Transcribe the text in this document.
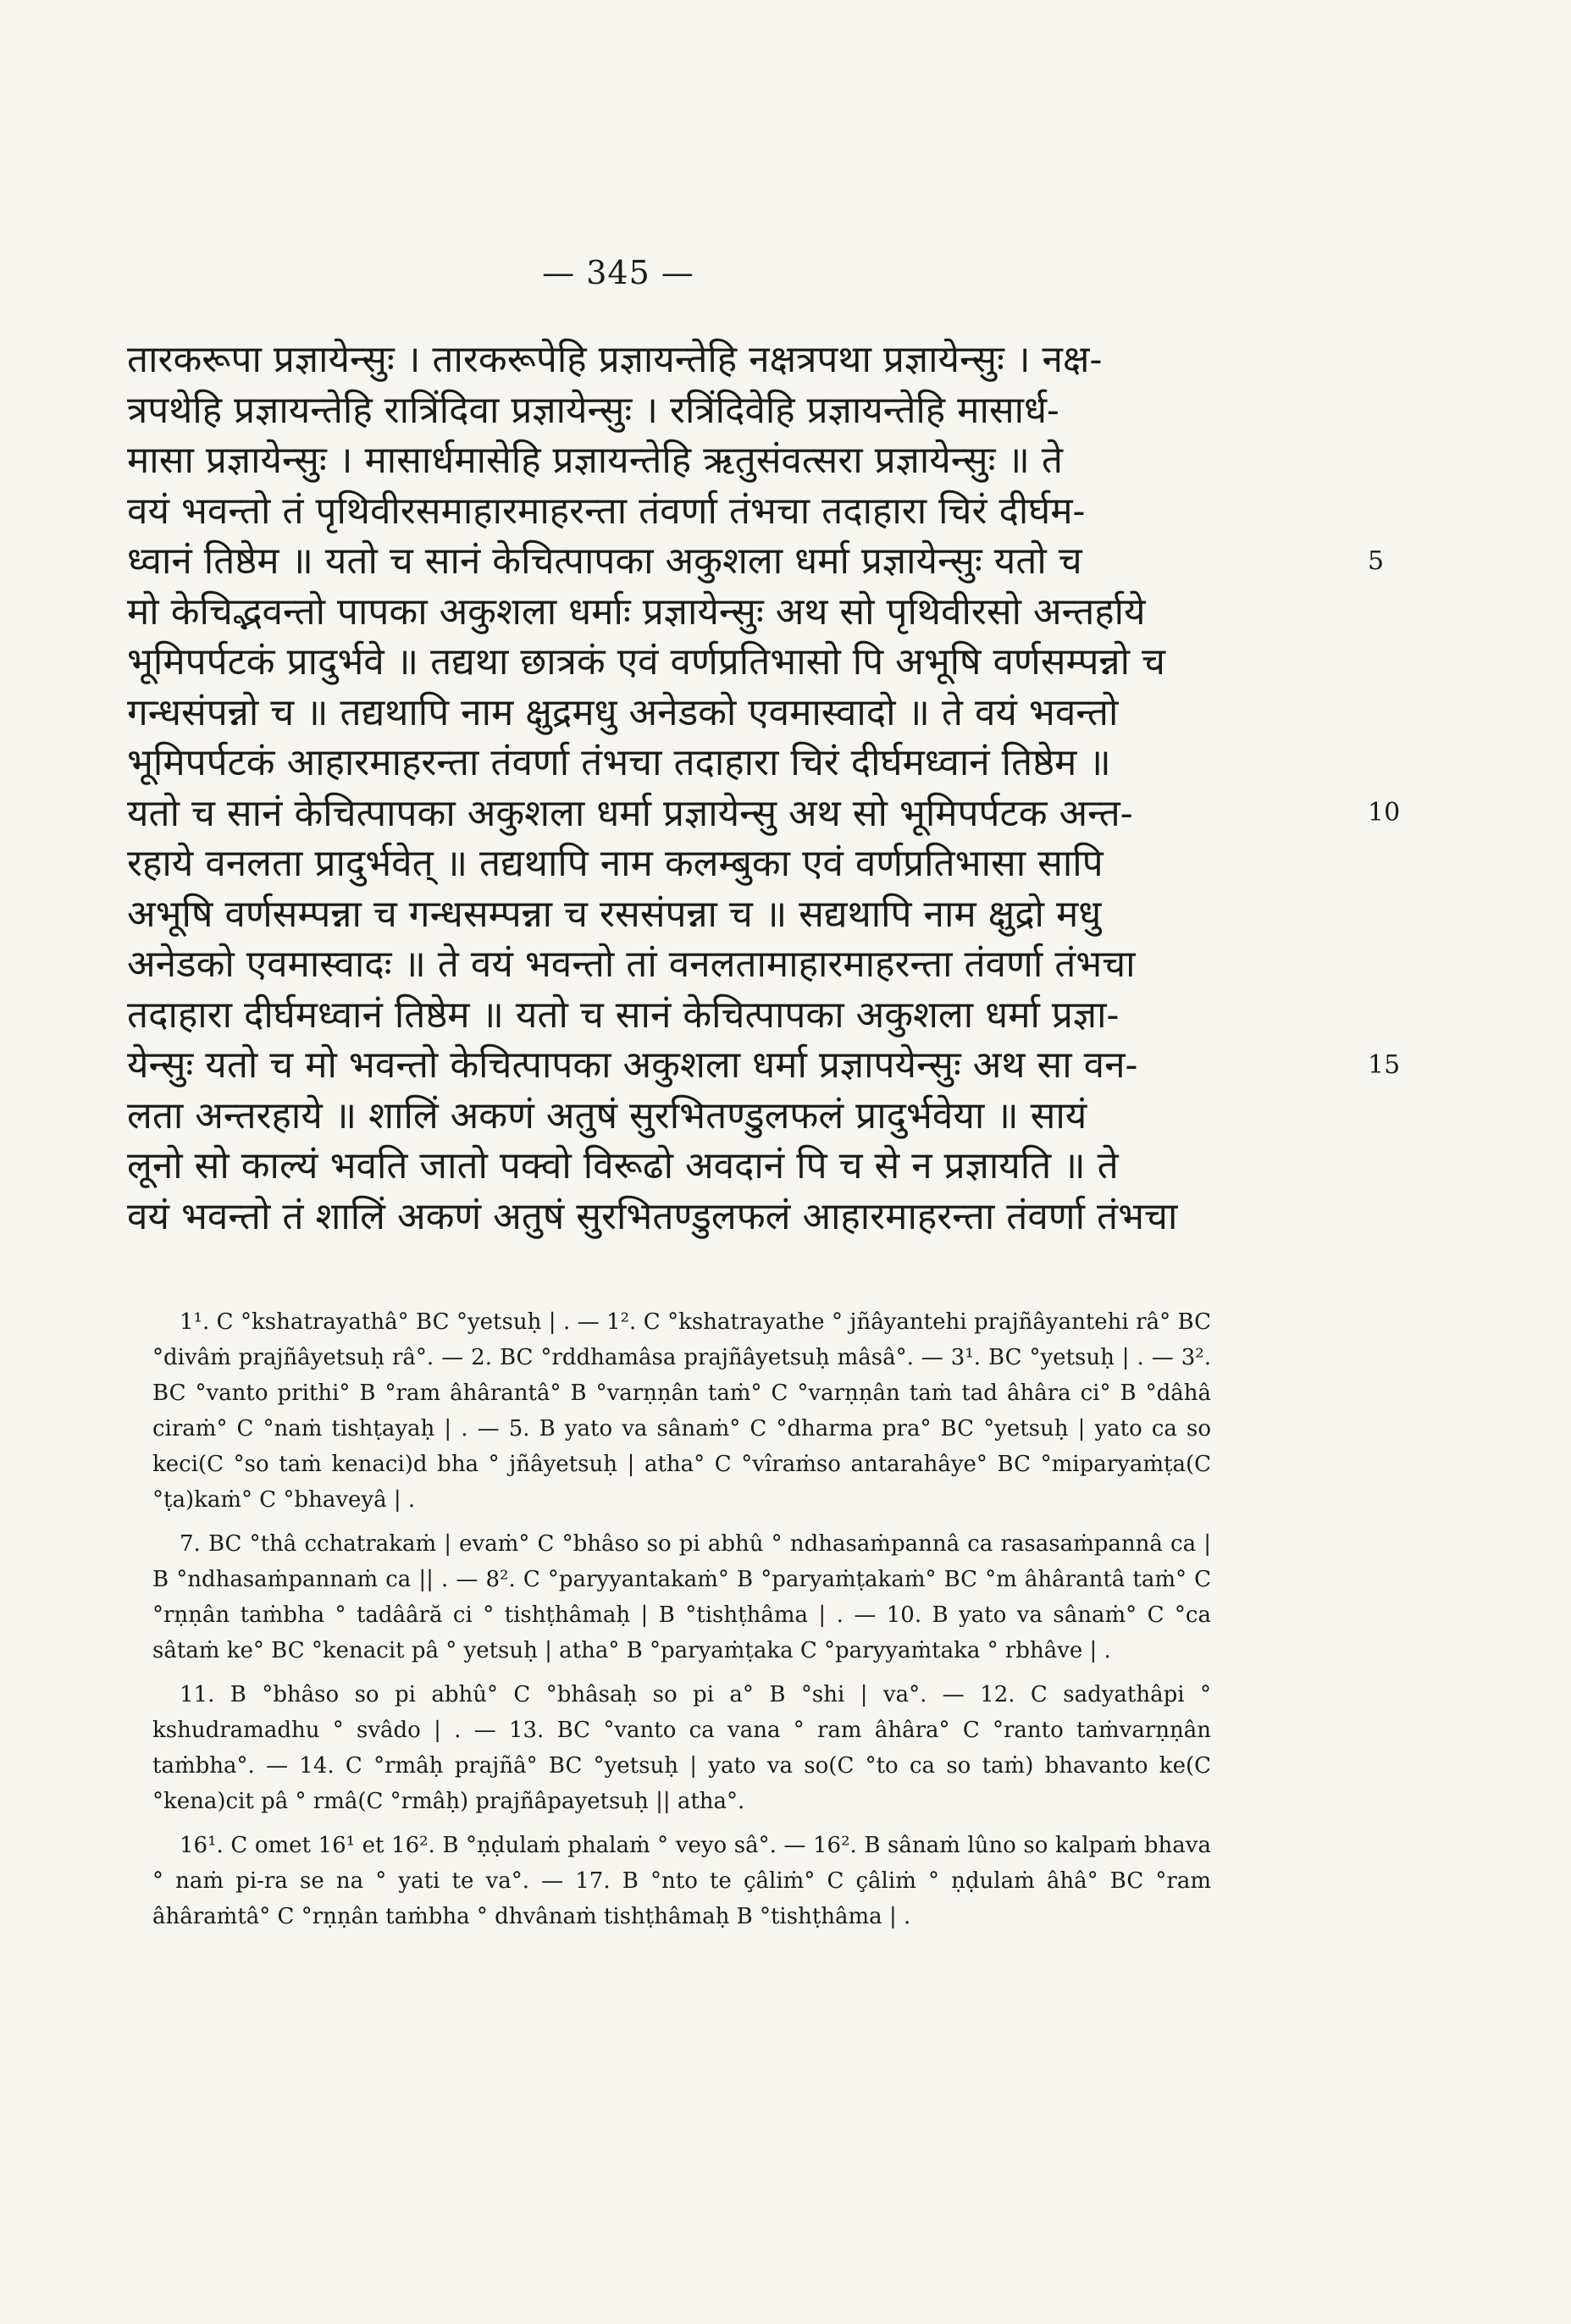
— 345 —
तारकरूपा प्रज्ञायेन्सुः । तारकरूपेहि प्रज्ञायन्तेहि नक्षत्रपथा प्रज्ञायेन्सुः । नक्ष-
त्रपथेहि प्रज्ञायन्तेहि रात्रिंदिवा प्रज्ञायेन्सुः । रत्रिंदिवेहि प्रज्ञायन्तेहि मासार्ध-
मासा प्रज्ञायेन्सुः । मासार्धमासेहि प्रज्ञायन्तेहि ऋतुसंवत्सरा प्रज्ञायेन्सुः ॥ ते
वयं भवन्तो तं पृथिवीरसमाहारमाहरन्ता तंवर्णा तंभचा तदाहारा चिरं दीर्घम-
ध्वानं तिष्ठेम ॥ यतो च सानं केचित्पापका अकुशला धर्मा प्रज्ञायेन्सुः यतो च
मो केचिद्भवन्तो पापका अकुशला धर्माः प्रज्ञायेन्सुः अथ सो पृथिवीरसो अन्तर्हाये
भूमिपर्पटकं प्रादुर्भवे ॥ तद्यथा छात्रकं एवं वर्णप्रतिभासो पि अभूषि वर्णसम्पन्नो च
गन्धसंपन्नो च ॥ तद्यथापि नाम क्षुद्रमधु अनेडको एवमास्वादो ॥ ते वयं भवन्तो
भूमिपर्पटकं आहारमाहरन्ता तंवर्णा तंभचा तदाहारा चिरं दीर्घमध्वानं तिष्ठेम ॥
यतो च सानं केचित्पापका अकुशला धर्मा प्रज्ञायेन्सु अथ सो भूमिपर्पटक अन्त-
रहाये वनलता प्रादुर्भवेत् ॥ तद्यथापि नाम कलम्बुका एवं वर्णप्रतिभासा सापि
अभूषि वर्णसम्पन्ना च गन्धसम्पन्ना च रससंपन्ना च ॥ सद्यथापि नाम क्षुद्रो मधु
अनेडको एवमास्वादः ॥ ते वयं भवन्तो तां वनलतामाहारमाहरन्ता तंवर्णा तंभचा
तदाहारा दीर्घमध्वानं तिष्ठेम ॥ यतो च सानं केचित्पापका अकुशला धर्मा प्रज्ञा-
येन्सुः यतो च मो भवन्तो केचित्पापका अकुशला धर्मा प्रज्ञापयेन्सुः अथ सा वन-
लता अन्तरहाये ॥ शालिं अकणं अतुषं सुरभितण्डुलफलं प्रादुर्भवेया ॥ सायं
लूनो सो काल्यं भवति जातो पक्वो विरूढो अवदानं पि च से न प्रज्ञायति ॥ ते
वयं भवन्तो तं शालिं अकणं अतुषं सुरभितण्डुलफलं आहारमाहरन्ता तंवर्णा तंभचा
5
10
15

1¹. C °kshatrayathâ° BC °yetsuḥ | . — 1². C °kshatrayathe ° jñâyantehi prajñâyantehi râ° BC °divâṁ prajñâyetsuḥ râ°. — 2. BC °rddhamâsa prajñâyetsuḥ mâsâ°. — 3¹. BC °yetsuḥ | . — 3². BC °vanto prithi° B °ram âhârantâ° B °varṇṇân taṁ° C °varṇṇân taṁ tad âhâra ci° B °dâhâ ciraṁ° C °naṁ tishṭayaḥ | . — 5. B yato va sânaṁ° C °dharma pra° BC °yetsuḥ | yato ca so keci(C °so taṁ kenaci)d bha ° jñâyetsuḥ | atha° C °vîraṁso antarahâye° BC °miparyaṁṭa(C °ṭa)kaṁ° C °bhaveyâ | .

7. BC °thâ cchatrakaṁ | evaṁ° C °bhâso so pi abhû ° ndhasaṁpannâ ca rasasaṁpannâ ca | B °ndhasaṁpannaṁ ca || . — 8². C °paryyantakaṁ° B °paryaṁṭakaṁ° BC °m âhârantâ taṁ° C °rṇṇân taṁbha ° tadââră ci ° tishṭhâmaḥ | B °tishṭhâma | . — 10. B yato va sânaṁ° C °ca sâtaṁ ke° BC °kenacit pâ ° yetsuḥ | atha° B °paryaṁṭaka C °paryyaṁtaka ° rbhâve | .

11. B °bhâso so pi abhû° C °bhâsaḥ so pi a° B °shi | va°. — 12. C sadyathâpi ° kshudramadhu ° svâdo | . — 13. BC °vanto ca vana ° ram âhâra° C °ranto taṁvarṇṇân taṁbha°. — 14. C °rmâḥ prajñâ° BC °yetsuḥ | yato va so(C °to ca so taṁ) bhavanto ke(C °kena)cit pâ ° rmâ(C °rmâḥ) prajñâpayetsuḥ || atha°.

16¹. C omet 16¹ et 16². B °ṇḍulaṁ phalaṁ ° veyo sâ°. — 16². B sânaṁ lûno so kalpaṁ bhava ° naṁ pi-ra se na ° yati te va°. — 17. B °nto te çâliṁ° C çâliṁ ° ṇḍulaṁ âhâ° BC °ram âhâraṁtâ° C °rṇṇân taṁbha ° dhvânaṁ tishṭhâmaḥ B °tishṭhâma | .
